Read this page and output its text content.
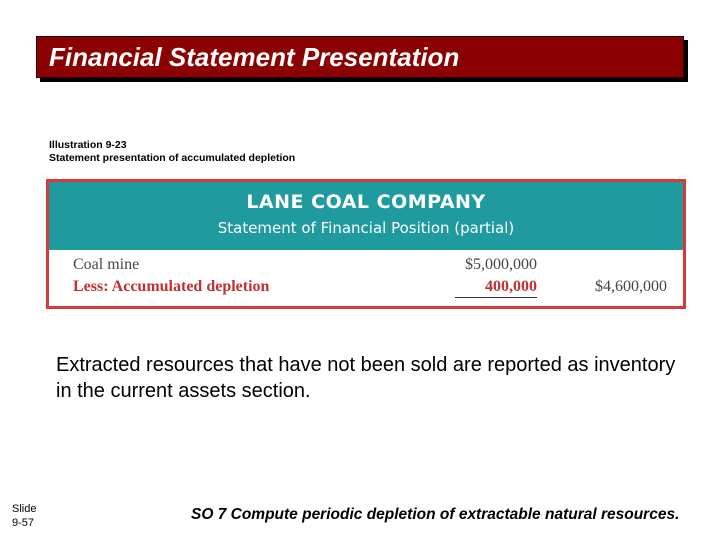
Financial Statement Presentation
Illustration 9-23
Statement presentation of accumulated depletion
LANE COAL COMPANY
Statement of Financial Position (partial)
Coal mine	$5,000,000
Less: Accumulated depletion	400,000	$4,600,000
Extracted resources that have not been sold are reported as inventory in the current assets section.
Slide
9-57	SO 7 Compute periodic depletion of extractable natural resources.
